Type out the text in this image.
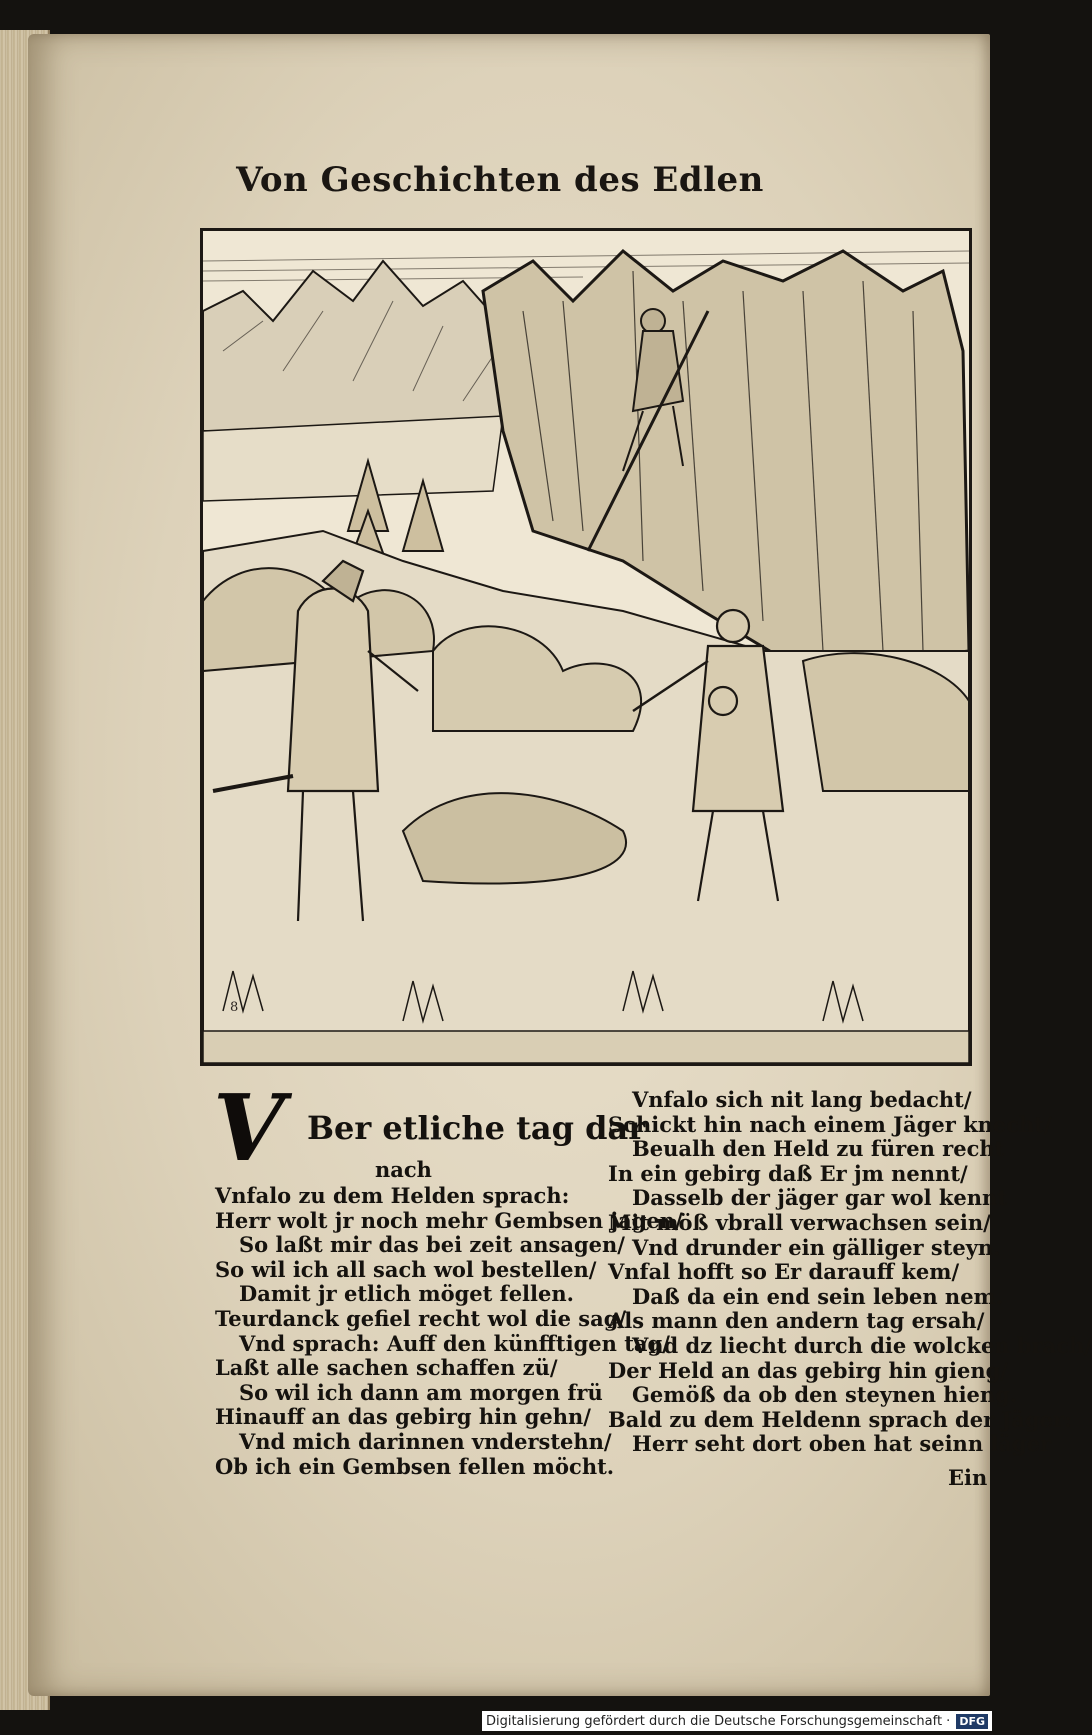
Von Geschichten des Edlen
8
V Ber etliche tag dar
nach
Vnfalo zu dem Helden sprach:
Herr wolt jr noch mehr Gembsen jagen/
So laßt mir das bei zeit ansagen/
So wil ich all sach wol bestellen/
Damit jr etlich möget fellen.
Teurdanck gefiel recht wol die sag/
Vnd sprach: Auff den künfftigen tag/
Laßt alle sachen schaffen zü/
So wil ich dann am morgen frü
Hinauff an das gebirg hin gehn/
Vnd mich darinnen vnderstehn/
Ob ich ein Gembsen fellen möcht.
Vnfalo sich nit lang bedacht/
Schickt hin nach einem Jäger knecht/
Beualh den Held zu füren recht
In ein gebirg daß Er jm nennt/
Dasselb der jäger gar wol kennt
Mit möß vbrall verwachsen sein/
Vnd drunder ein gälliger steyn.
Vnfal hofft so Er darauff kem/
Daß da ein end sein leben nem.
Als mann den andern tag ersah/
Vnd dz liecht durch die wolcken brach/
Der Held an das gebirg hin gieng/
Gemöß da ob den steynen hieng.
Bald zu dem Heldenn sprach der Jäger:
Herr seht dort oben hat seinn läger
Ein
Digitalisierung gefördert durch die Deutsche Forschungsgemeinschaft · DFG
